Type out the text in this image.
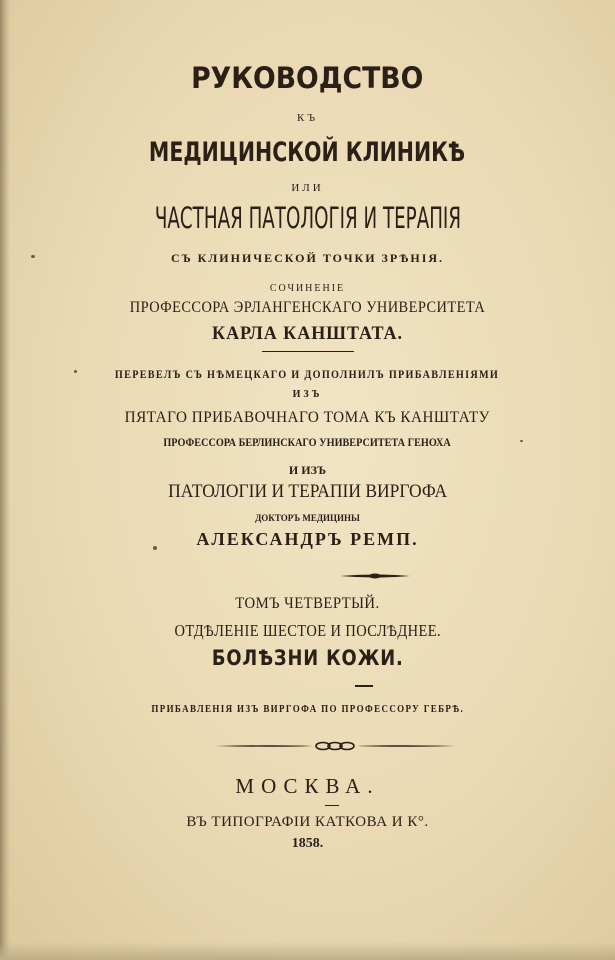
РУКОВОДСТВО
КЪ
МЕДИЦИНСКОЙ КЛИНИКѢ
ИЛИ
ЧАСТНАЯ ПАТОЛОГІЯ И ТЕРАПІЯ
СЪ КЛИНИЧЕСКОЙ ТОЧКИ ЗРѢНІЯ.
СОЧИНЕНІЕ
ПРОФЕССОРА ЭРЛАНГЕНСКАГО УНИВЕРСИТЕТА
КАРЛА КАНШТАТА.
ПЕРЕВЕЛЪ СЪ НѢМЕЦКАГО И ДОПОЛНИЛЪ ПРИБАВЛЕНІЯМИ
ИЗЪ
ПЯТАГО ПРИБАВОЧНАГО ТОМА КЪ КАНШТАТУ
ПРОФЕССОРА БЕРЛИНСКАГО УНИВЕРСИТЕТА ГЕНОХА
И ИЗЪ
ПАТОЛОГІИ И ТЕРАПІИ ВИРГОФА
ДОКТОРЪ МЕДИЦИНЫ
АЛЕКСАНДРЪ РЕМП.
ТОМЪ ЧЕТВЕРТЫЙ.
ОТДѢЛЕНІЕ ШЕСТОЕ И ПОСЛѢДНЕЕ.
БОЛѢЗНИ КОЖИ.
ПРИБАВЛЕНІЯ ИЗЪ ВИРГОФА ПО ПРОФЕССОРУ ГЕБРѢ.
МОСКВА.
ВЪ ТИПОГРАФІИ КАТКОВА И К°.
1858.
